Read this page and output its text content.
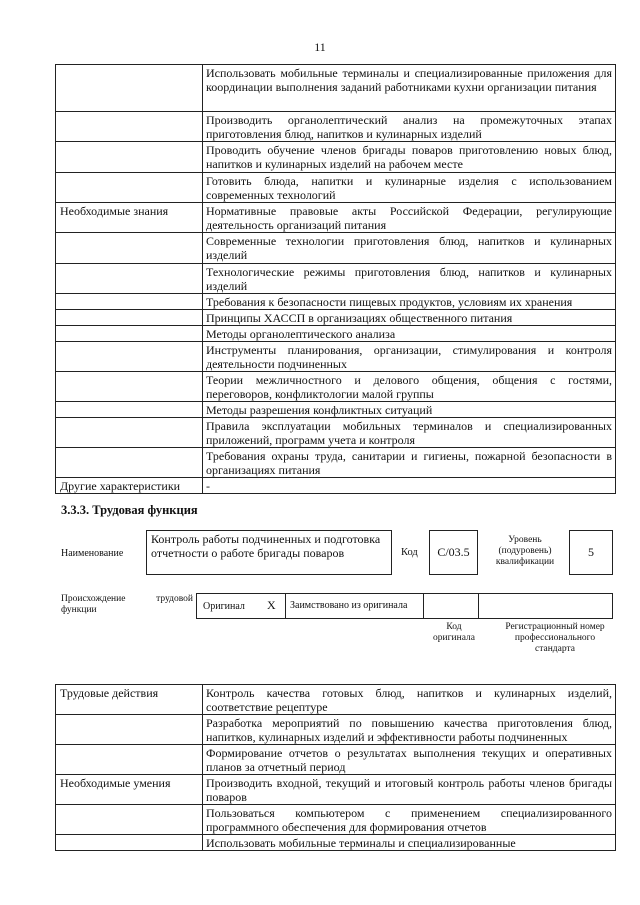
11
	Использовать мобильные терминалы и специализированные приложения для координации выполнения заданий работниками кухни организации питания
	Производить органолептический анализ на промежуточных этапах приготовления блюд, напитков и кулинарных изделий
	Проводить обучение членов бригады поваров приготовлению новых блюд, напитков и кулинарных изделий на рабочем месте
	Готовить блюда, напитки и кулинарные изделия с использованием современных технологий
Необходимые знания	Нормативные правовые акты Российской Федерации, регулирующие деятельность организаций питания
	Современные технологии приготовления блюд, напитков и кулинарных изделий
	Технологические режимы приготовления блюд, напитков и кулинарных изделий
	Требования к безопасности пищевых продуктов, условиям их хранения
	Принципы ХАССП в организациях общественного питания
	Методы органолептического анализа
	Инструменты планирования, организации, стимулирования и контроля деятельности подчиненных
	Теории межличностного и делового общения, общения с гостями, переговоров, конфликтологии малой группы
	Методы разрешения конфликтных ситуаций
	Правила эксплуатации мобильных терминалов и специализированных приложений, программ учета и контроля
	Требования охраны труда, санитарии и гигиены, пожарной безопасности в организациях питания
Другие характеристики	-
3.3.3. Трудовая функция
Наименование
Контроль работы подчиненных и подготовка отчетности о работе бригады поваров	Код	C/03.5
Уровень (подуровень) квалификации
5
Происхождение трудовой функции	Оригинал X Заимствовано из оригинала
Код оригинала
Регистрационный номер профессионального стандарта
Трудовые действия	Контроль качества готовых блюд, напитков и кулинарных изделий, соответствие рецептуре
	Разработка мероприятий по повышению качества приготовления блюд, напитков, кулинарных изделий и эффективности работы подчиненных
	Формирование отчетов о результатах выполнения текущих и оперативных планов за отчетный период
Необходимые умения	Производить входной, текущий и итоговый контроль работы членов бригады поваров
	Пользоваться компьютером с применением специализированного программного обеспечения для формирования отчетов
	Использовать мобильные терминалы и специализированные
